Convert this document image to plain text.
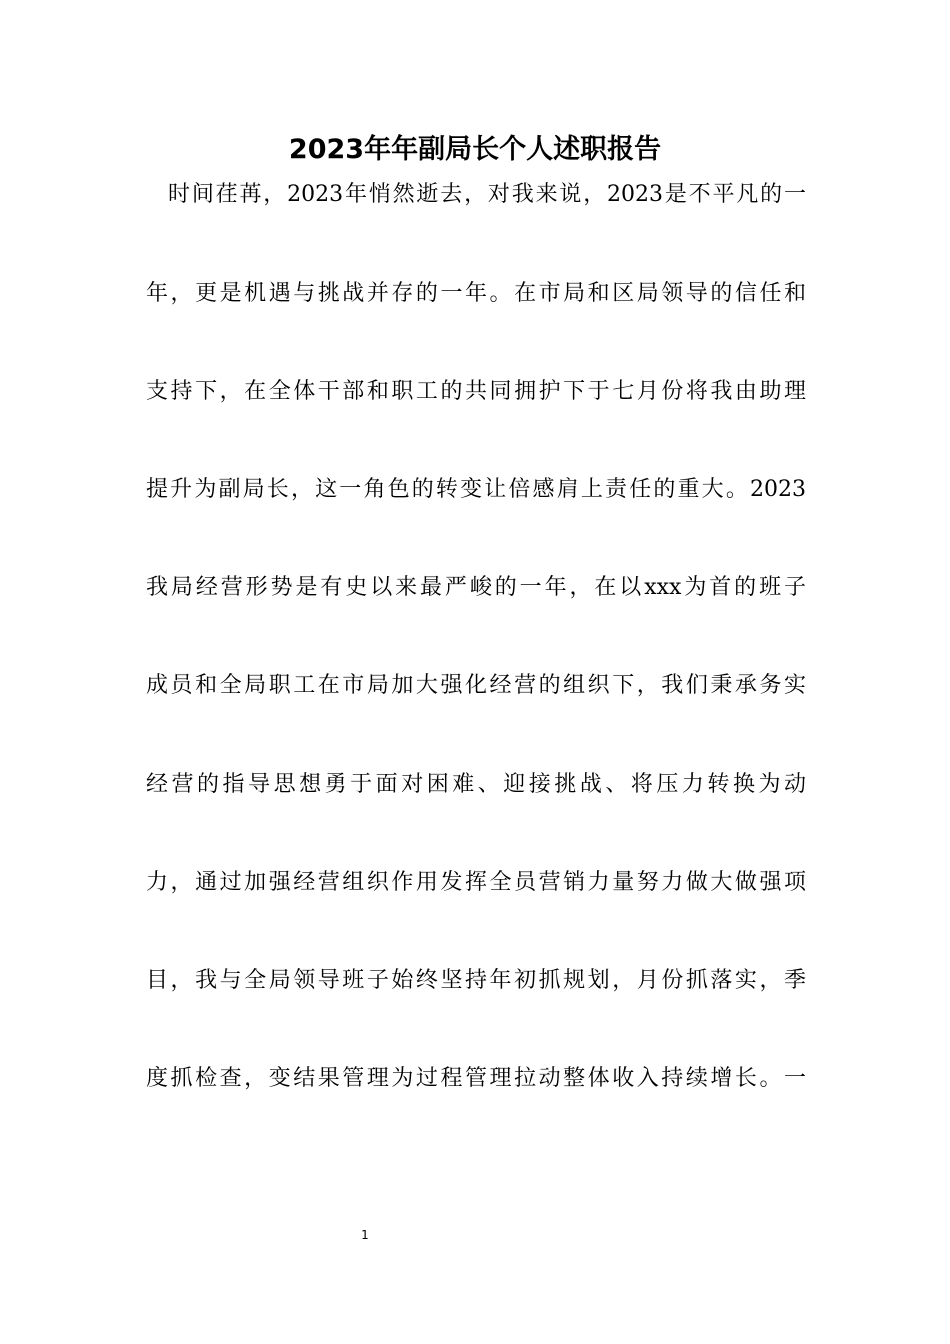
2023年年副局长个人述职报告
时间荏苒，2023年悄然逝去，对我来说，2023是不平凡的一
年，更是机遇与挑战并存的一年。在市局和区局领导的信任和
支持下，在全体干部和职工的共同拥护下于七月份将我由助理
提升为副局长，这一角色的转变让倍感肩上责任的重大。2023
我局经营形势是有史以来最严峻的一年，在以xxx为首的班子
成员和全局职工在市局加大强化经营的组织下，我们秉承务实
经营的指导思想勇于面对困难、迎接挑战、将压力转换为动
力，通过加强经营组织作用发挥全员营销力量努力做大做强项
目，我与全局领导班子始终坚持年初抓规划，月份抓落实，季
度抓检查，变结果管理为过程管理拉动整体收入持续增长。一
1
